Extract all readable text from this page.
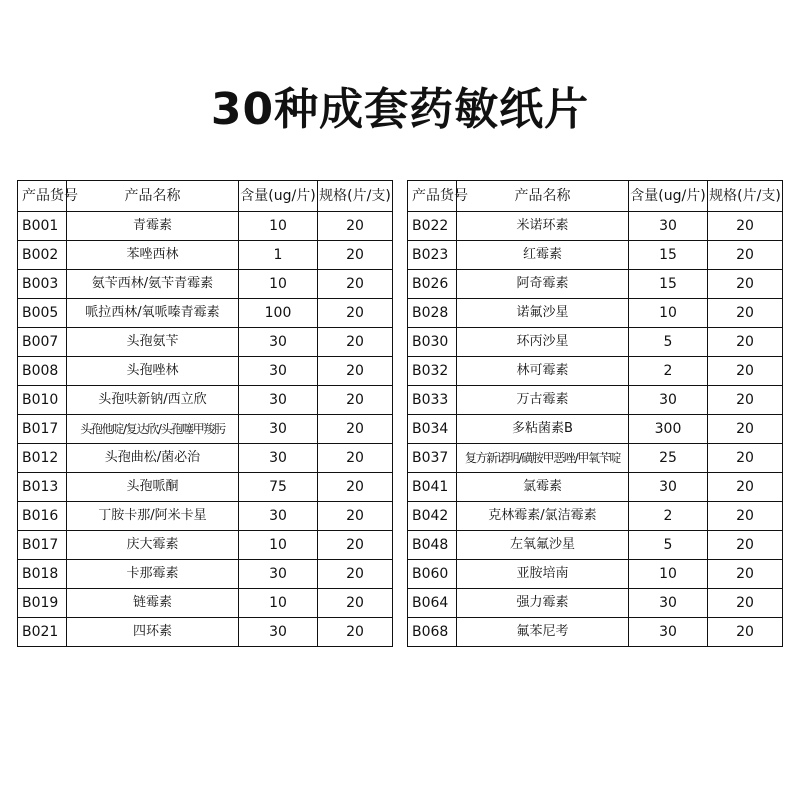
30种成套药敏纸片
产品货号	产品名称	含量(ug/片)	规格(片/支)
B001	青霉素	10	20
B002	苯唑西林	1	20
B003	氨苄西林/氨苄青霉素	10	20
B005	哌拉西林/氧哌嗪青霉素	100	20
B007	头孢氨苄	30	20
B008	头孢唑林	30	20
B010	头孢呋新钠/西立欣	30	20
B017	头孢他啶/复达欣/头孢噻甲羧肟	30	20
B012	头孢曲松/菌必治	30	20
B013	头孢哌酮	75	20
B016	丁胺卡那/阿米卡星	30	20
B017	庆大霉素	10	20
B018	卡那霉素	30	20
B019	链霉素	10	20
B021	四环素	30	20
产品货号	产品名称	含量(ug/片)	规格(片/支)
B022	米诺环素	30	20
B023	红霉素	15	20
B026	阿奇霉素	15	20
B028	诺氟沙星	10	20
B030	环丙沙星	5	20
B032	林可霉素	2	20
B033	万古霉素	30	20
B034	多粘菌素B	300	20
B037	复方新诺明/磺胺甲恶唑/甲氧苄啶	25	20
B041	氯霉素	30	20
B042	克林霉素/氯洁霉素	2	20
B048	左氧氟沙星	5	20
B060	亚胺培南	10	20
B064	强力霉素	30	20
B068	氟苯尼考	30	20
